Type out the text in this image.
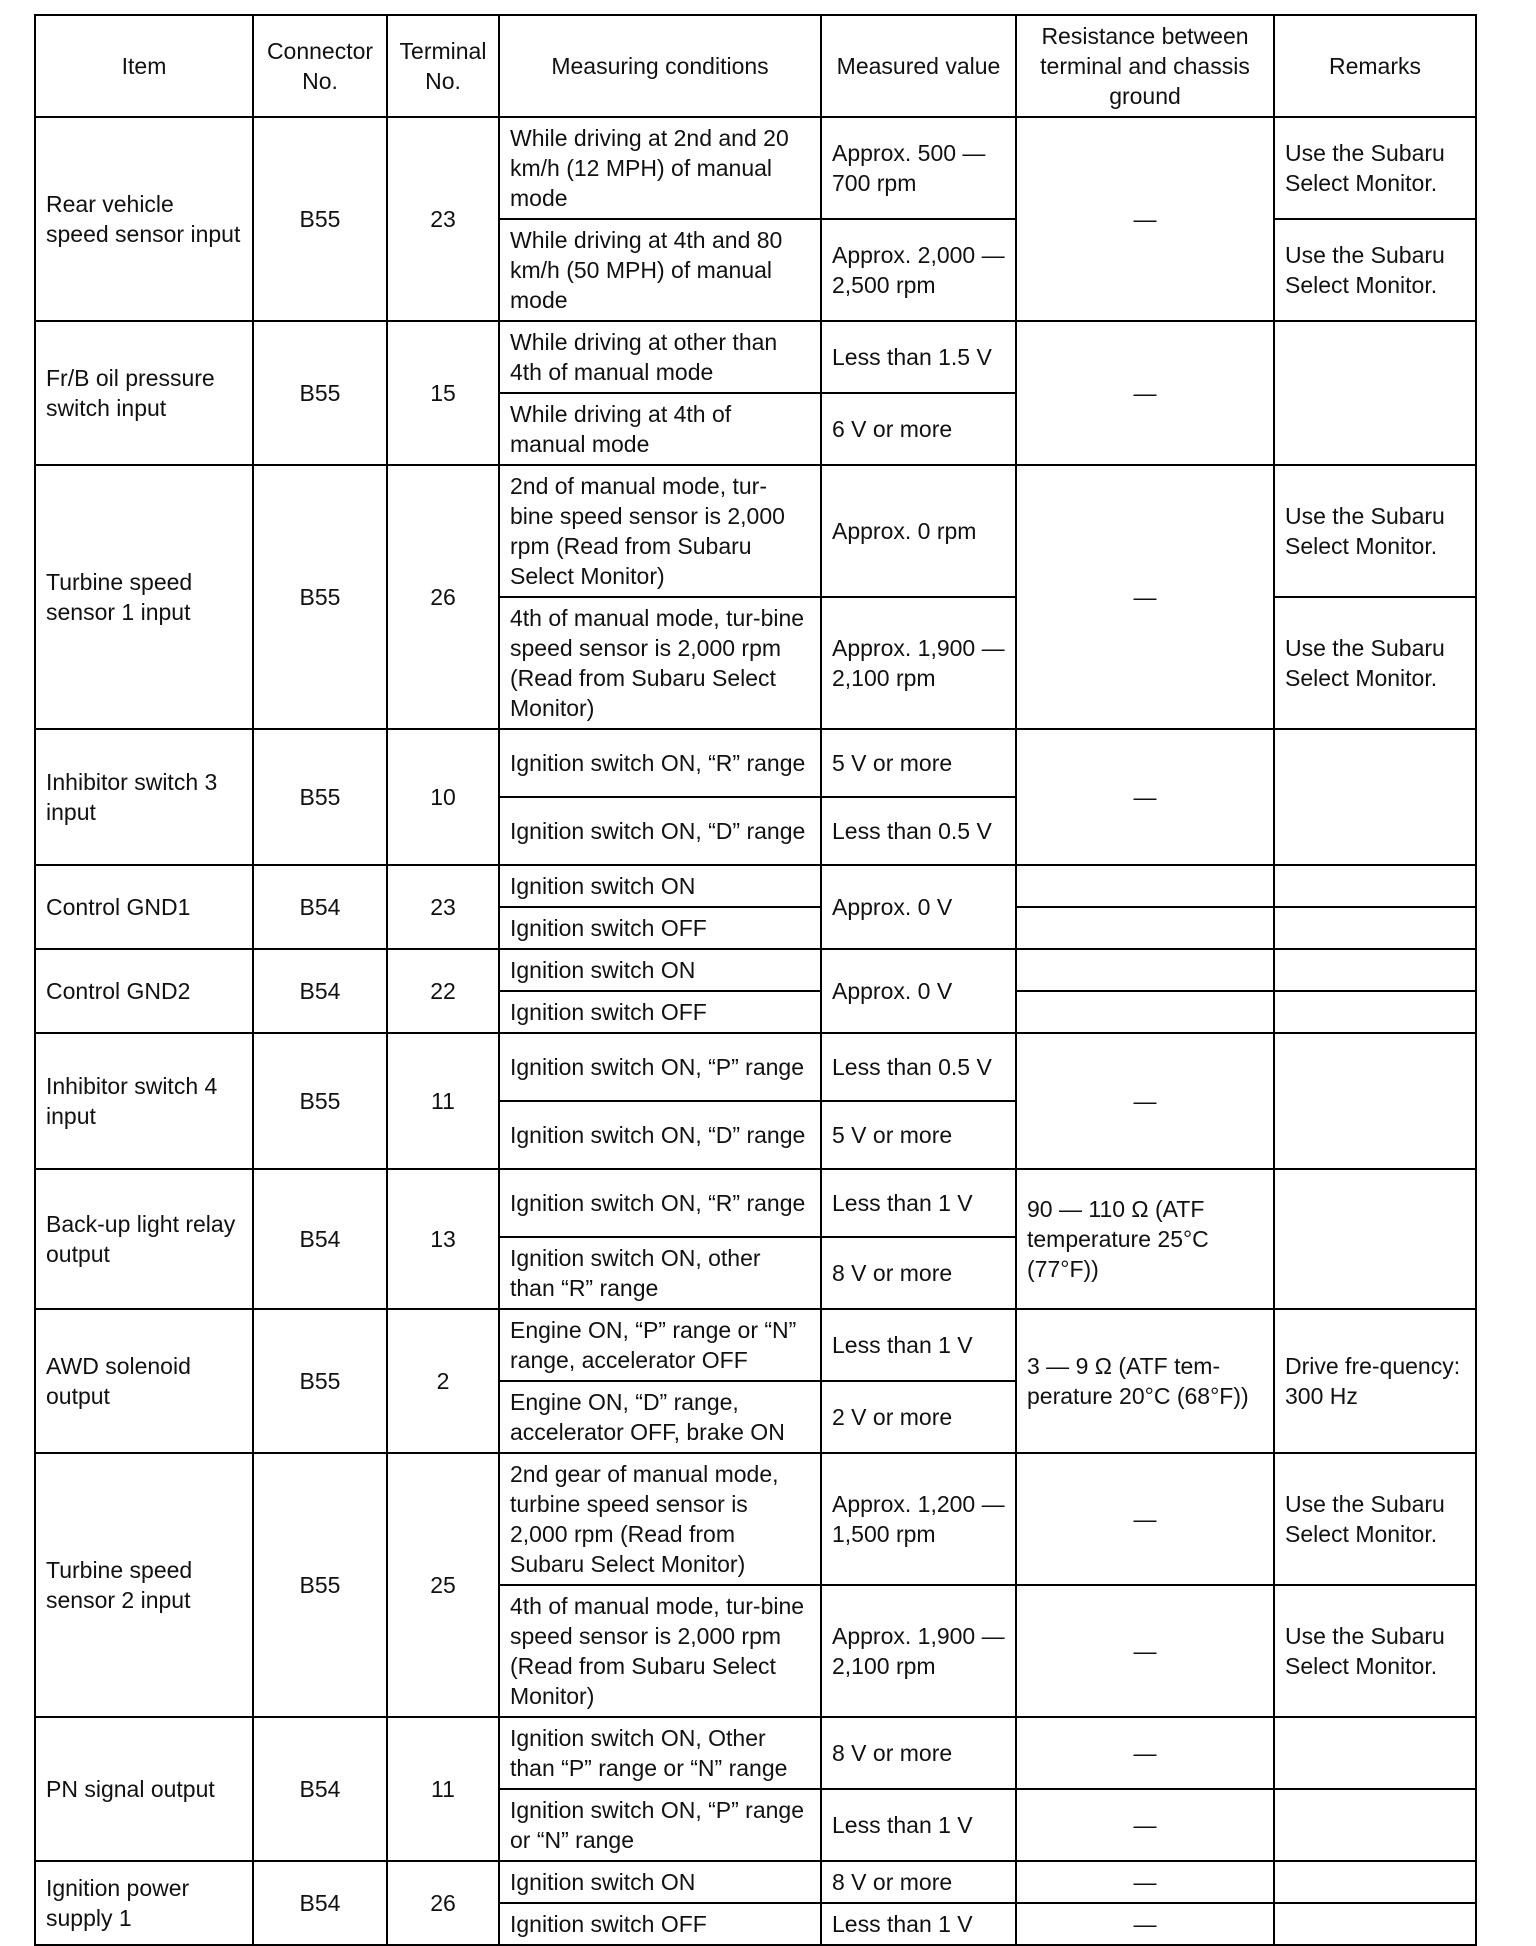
Item	Connector No.	Terminal No.	Measuring conditions	Measured value	Resistance between terminal and chassis ground	Remarks
Rear vehicle speed sensor input	B55	23	While driving at 2nd and 20 km/h (12 MPH) of manual mode	Approx. 500 — 700 rpm	—	Use the Subaru Select Monitor.
			While driving at 4th and 80 km/h (50 MPH) of manual mode	Approx. 2,000 — 2,500 rpm		Use the Subaru Select Monitor.
Fr/B oil pressure switch input	B55	15	While driving at other than 4th of manual mode	Less than 1.5 V	—	
			While driving at 4th of manual mode	6 V or more		
Turbine speed sensor 1 input	B55	26	2nd of manual mode, tur-bine speed sensor is 2,000 rpm (Read from Subaru Select Monitor)	Approx. 0 rpm	—	Use the Subaru Select Monitor.
			4th of manual mode, tur-bine speed sensor is 2,000 rpm (Read from Subaru Select Monitor)	Approx. 1,900 — 2,100 rpm		Use the Subaru Select Monitor.
Inhibitor switch 3 input	B55	10	Ignition switch ON, “R” range	5 V or more	—	
			Ignition switch ON, “D” range	Less than 0.5 V		
Control GND1	B54	23	Ignition switch ON	Approx. 0 V		
			Ignition switch OFF			
Control GND2	B54	22	Ignition switch ON	Approx. 0 V		
			Ignition switch OFF			
Inhibitor switch 4 input	B55	11	Ignition switch ON, “P” range	Less than 0.5 V	—	
			Ignition switch ON, “D” range	5 V or more		
Back-up light relay output	B54	13	Ignition switch ON, “R” range	Less than 1 V	90 — 110 Ω (ATF temperature 25°C (77°F))	
			Ignition switch ON, other than “R” range	8 V or more		
AWD solenoid output	B55	2	Engine ON, “P” range or “N” range, accelerator OFF	Less than 1 V	3 — 9 Ω (ATF tem-perature 20°C (68°F))	Drive fre-quency: 300 Hz
			Engine ON, “D” range, accelerator OFF, brake ON	2 V or more		
Turbine speed sensor 2 input	B55	25	2nd gear of manual mode, turbine speed sensor is 2,000 rpm (Read from Subaru Select Monitor)	Approx. 1,200 — 1,500 rpm	—	Use the Subaru Select Monitor.
			4th of manual mode, tur-bine speed sensor is 2,000 rpm (Read from Subaru Select Monitor)	Approx. 1,900 — 2,100 rpm	—	Use the Subaru Select Monitor.
PN signal output	B54	11	Ignition switch ON, Other than “P” range or “N” range	8 V or more	—	
			Ignition switch ON, “P” range or “N” range	Less than 1 V	—	
Ignition power supply 1	B54	26	Ignition switch ON	8 V or more	—	
			Ignition switch OFF	Less than 1 V	—	
